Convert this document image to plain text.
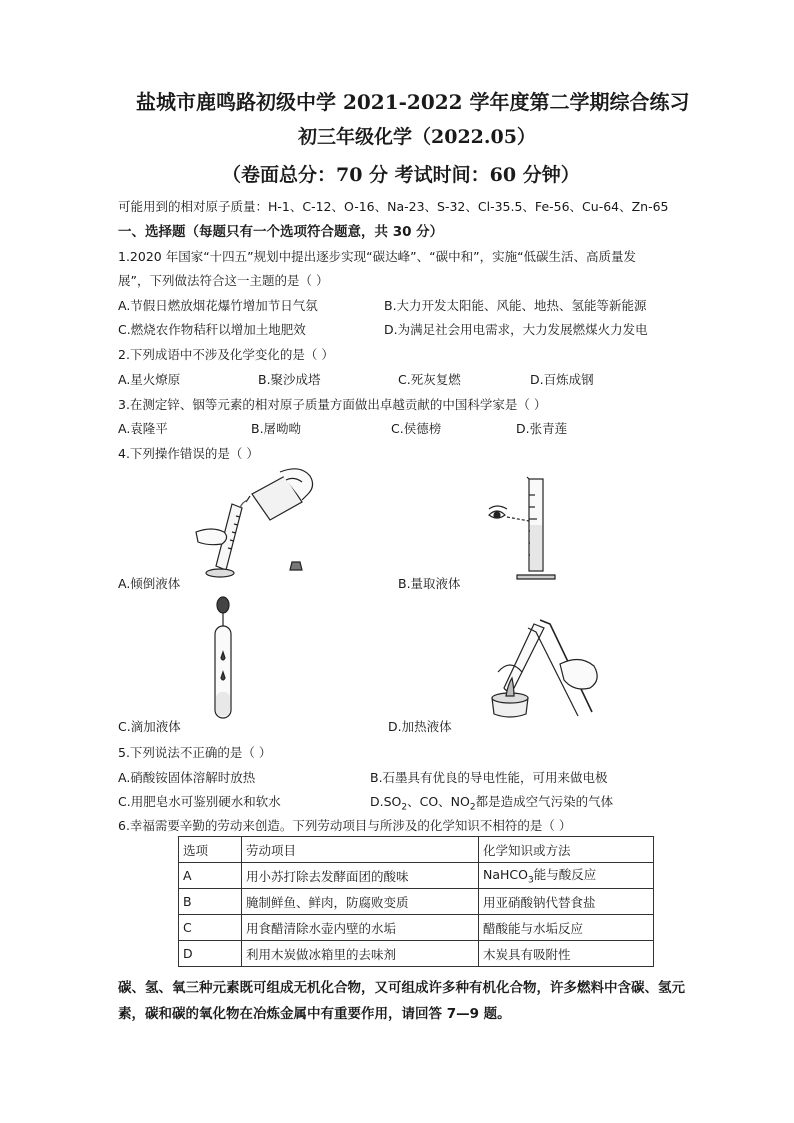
盐城市鹿鸣路初级中学 2021-2022 学年度第二学期综合练习
初三年级化学（2022.05）
（卷面总分：70 分 考试时间：60 分钟）
可能用到的相对原子质量：H-1、C-12、O-16、Na-23、S-32、Cl-35.5、Fe-56、Cu-64、Zn-65
一、选择题（每题只有一个选项符合题意，共 30 分）
1.2020 年国家“十四五”规划中提出逐步实现“碳达峰”、“碳中和”，实施“低碳生活、高质量发
展”，下列做法符合这一主题的是（ ）
A.节假日燃放烟花爆竹增加节日气氛	B.大力开发太阳能、风能、地热、氢能等新能源
C.燃烧农作物秸秆以增加土地肥效	D.为满足社会用电需求，大力发展燃煤火力发电
2.下列成语中不涉及化学变化的是（ ）
A.星火燎原	B.聚沙成塔	C.死灰复燃	D.百炼成钢
3.在测定锌、铟等元素的相对原子质量方面做出卓越贡献的中国科学家是（ ）
A.袁隆平	B.屠呦呦	C.侯德榜	D.张青莲
4.下列操作错误的是（ ）
A.倾倒液体	B.量取液体
C.滴加液体	D.加热液体
5.下列说法不正确的是（ ）
A.硝酸铵固体溶解时放热	B.石墨具有优良的导电性能，可用来做电极
C.用肥皂水可鉴别硬水和软水	$D.SO_2$、CO、$NO_2$都是造成空气污染的气体
6.幸福需要辛勤的劳动来创造。下列劳动项目与所涉及的化学知识不相符的是（ ）
选项	劳动项目	化学知识或方法
A	用小苏打除去发酵面团的酸味	NaHCO$_3$能与酸反应
B	腌制鲜鱼、鲜肉，防腐败变质	用亚硝酸钠代替食盐
C	用食醋清除水壶内壁的水垢	醋酸能与水垢反应
D	利用木炭做冰箱里的去味剂	木炭具有吸附性
碳、氢、氧三种元素既可组成无机化合物，又可组成许多种有机化合物，许多燃料中含碳、氢元
素，碳和碳的氧化物在冶炼金属中有重要作用，请回答 7—9 题。
